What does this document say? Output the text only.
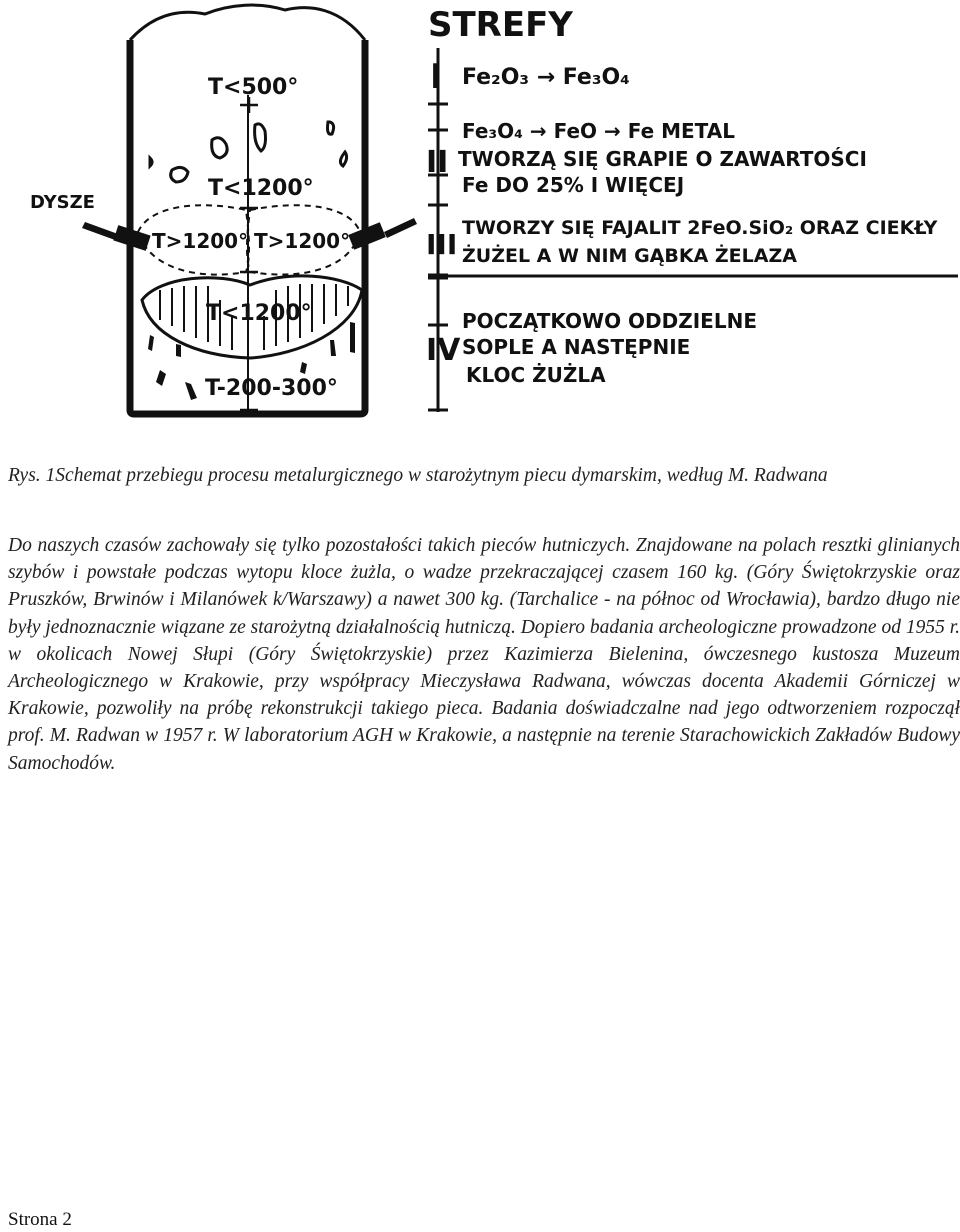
T<500°
T<1200°
T>1200° T>1200°
T<1200°
T-200-300°
DYSZE
STREFY
I Fe₂O₃ → Fe₃O₄
II
Fe₃O₄ → FeO → Fe METAL
TWORZĄ SIĘ GRAPIE O ZAWARTOŚCI
Fe DO 25% I WIĘCEJ
III TWORZY SIĘ FAJALIT 2FeO.SiO₂ ORAZ CIEKŁY
ŻUŻEL A W NIM GĄBKA ŻELAZA
IV
POCZĄTKOWO ODDZIELNE
SOPLE A NASTĘPNIE
KLOC ŻUŻLA
Rys. 1Schemat przebiegu procesu metalurgicznego w starożytnym piecu dymarskim, według M. Radwana
Do naszych czasów zachowały się tylko pozostałości takich pieców hutniczych. Znajdowane na polach resztki glinianych szybów i powstałe podczas wytopu kloce żużla, o wadze przekraczającej czasem 160 kg. (Góry Świętokrzyskie oraz Pruszków, Brwinów i Milanówek k/Warszawy) a nawet 300 kg. (Tarchalice - na północ od Wrocławia), bardzo długo nie były jednoznacznie wiązane ze starożytną działalnością hutniczą. Dopiero badania archeologiczne prowadzone od 1955 r. w okolicach Nowej Słupi (Góry Świętokrzyskie) przez Kazimierza Bielenina, ówczesnego kustosza Muzeum Archeologicznego w Krakowie, przy współpracy Mieczysława Radwana, wówczas docenta Akademii Górniczej w Krakowie, pozwoliły na próbę rekonstrukcji takiego pieca. Badania doświadczalne nad jego odtworzeniem rozpoczął prof. M. Radwan w 1957 r. W laboratorium AGH w Krakowie, a następnie na terenie Starachowickich Zakładów Budowy Samochodów.
Strona 2
